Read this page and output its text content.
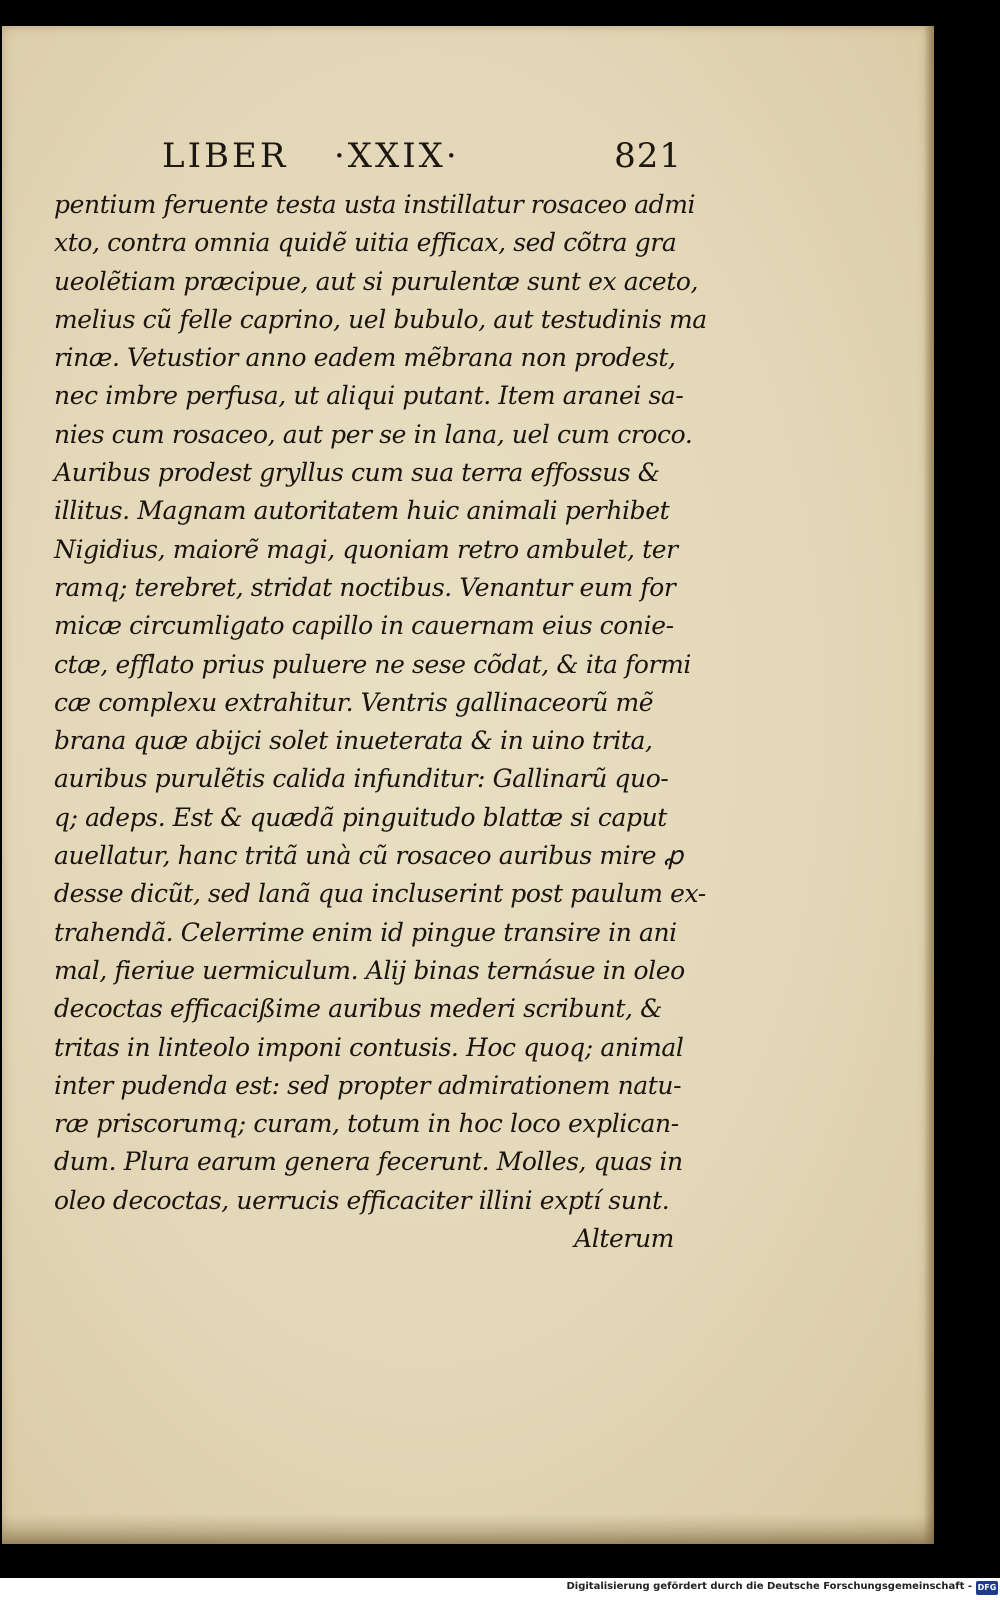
LIBER ·XXIX·	821
pentium feruente testa usta instillatur rosaceo admi
xto, contra omnia quidẽ uitia efficax, sed cõtra gra
ueolẽtiam præcipue, aut si purulentæ sunt ex aceto,
melius cũ felle caprino, uel bubulo, aut testudinis ma
rinæ. Vetustior anno eadem mẽbrana non prodest,
nec imbre perfusa, ut aliqui putant. Item aranei sa-
nies cum rosaceo, aut per se in lana, uel cum croco.
Auribus prodest gryllus cum sua terra effossus &
illitus. Magnam autoritatem huic animali perhibet
Nigidius, maiorẽ magi, quoniam retro ambulet, ter
ramq; terebret, stridat noctibus. Venantur eum for
micæ circumligato capillo in cauernam eius conie-
ctæ, efflato prius puluere ne sese cõdat, & ita formi
cæ complexu extrahitur. Ventris gallinaceorũ mẽ
brana quæ abijci solet inueterata & in uino trita,
auribus purulẽtis calida infunditur: Gallinarũ quo-
q; adeps. Est & quædã pinguitudo blattæ si caput
auellatur, hanc tritã unà cũ rosaceo auribus mire ꝓ
desse dicũt, sed lanã qua incluserint post paulum ex-
trahendã. Celerrime enim id pingue transire in ani
mal, fieriue uermiculum. Alij binas ternásue in oleo
decoctas efficacißime auribus mederi scribunt, &
tritas in linteolo imponi contusis. Hoc quoq; animal
inter pudenda est: sed propter admirationem natu-
ræ priscorumq; curam, totum in hoc loco explican-
dum. Plura earum genera fecerunt. Molles, quas in
oleo decoctas, uerrucis efficaciter illini exptí sunt.
Alterum
Digitalisierung gefördert durch die Deutsche Forschungsgemeinschaft - DFG
